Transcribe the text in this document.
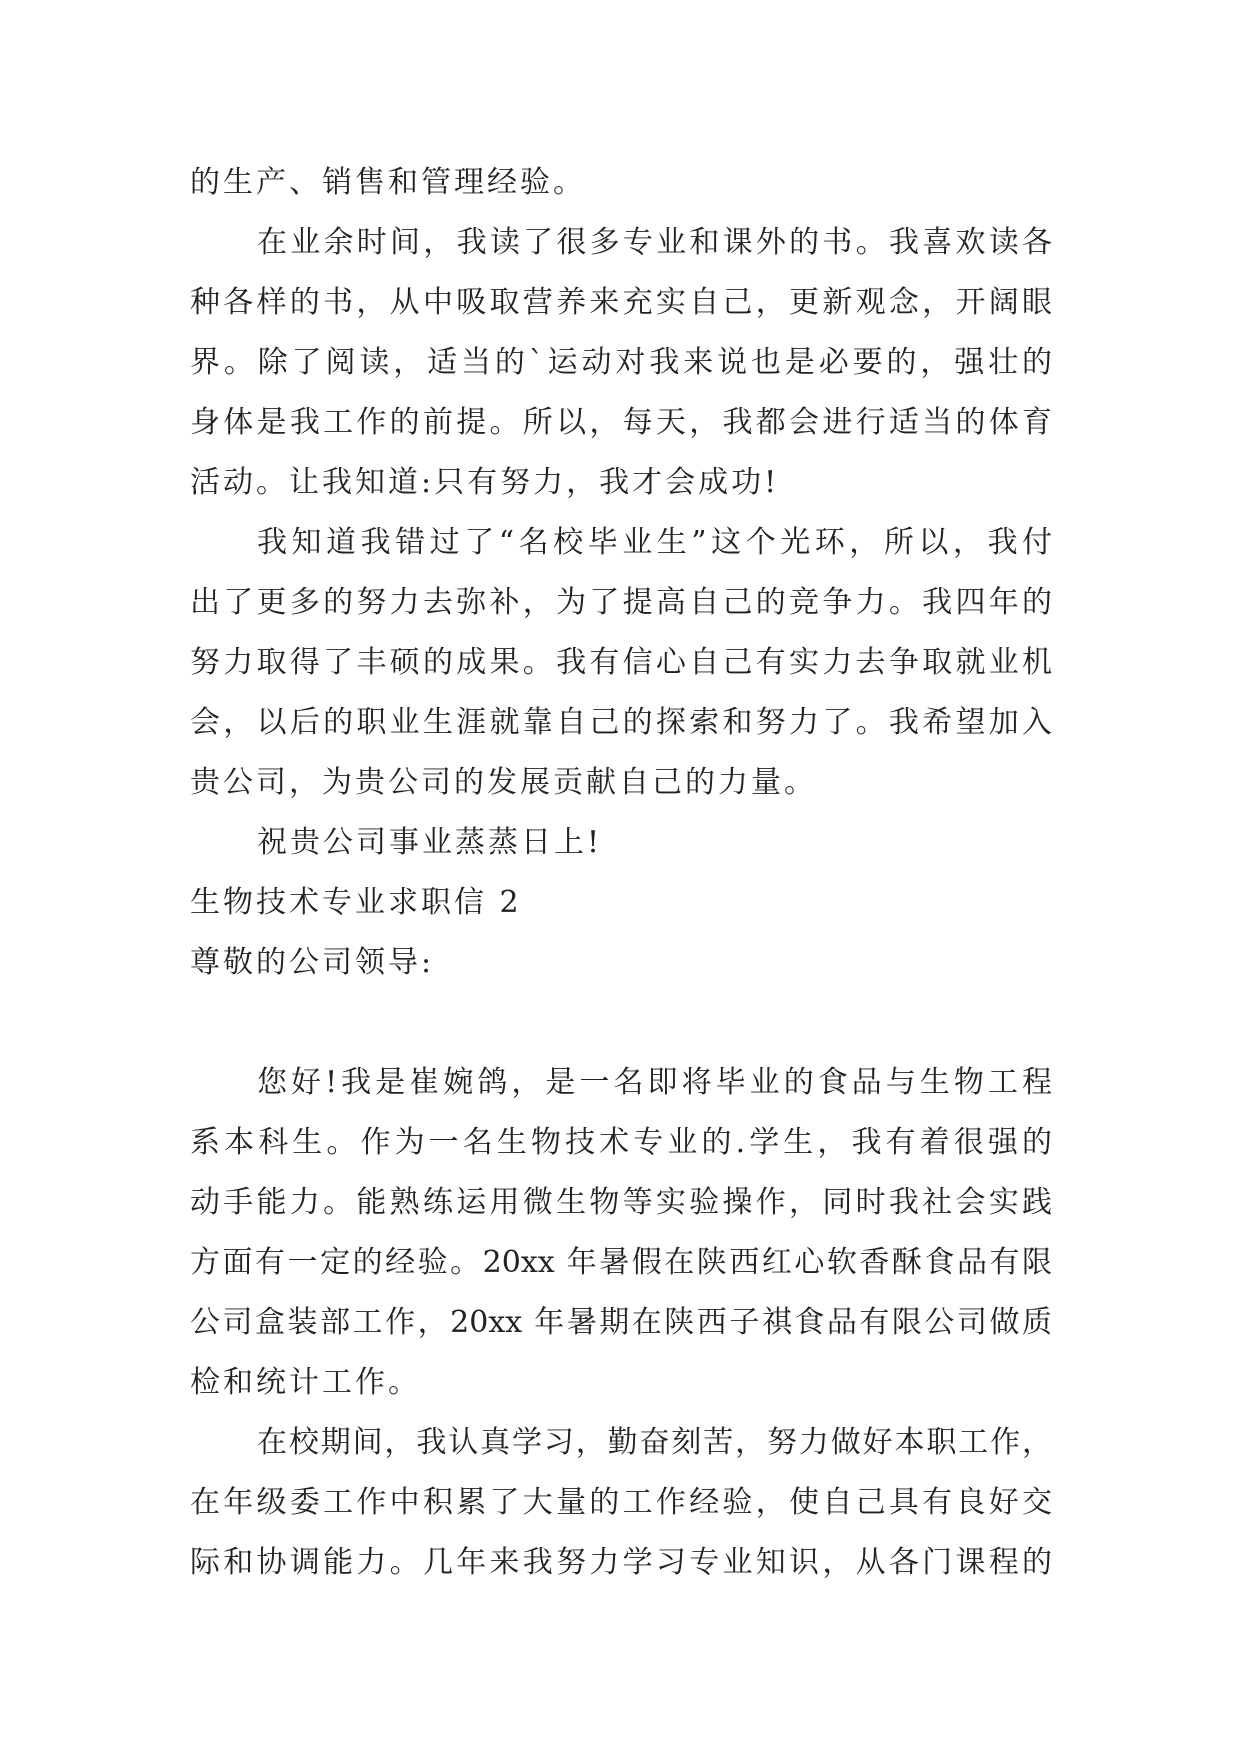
的生产、销售和管理经验。
在业余时间，我读了很多专业和课外的书。我喜欢读各
种各样的书，从中吸取营养来充实自己，更新观念，开阔眼
界。除了阅读，适当的`运动对我来说也是必要的，强壮的
身体是我工作的前提。所以，每天，我都会进行适当的体育
活动。让我知道:只有努力，我才会成功!
我知道我错过了“名校毕业生”这个光环，所以，我付
出了更多的努力去弥补，为了提高自己的竞争力。我四年的
努力取得了丰硕的成果。我有信心自己有实力去争取就业机
会，以后的职业生涯就靠自己的探索和努力了。我希望加入
贵公司，为贵公司的发展贡献自己的力量。
祝贵公司事业蒸蒸日上!
生物技术专业求职信 2
尊敬的公司领导:
您好!我是崔婉鸽，是一名即将毕业的食品与生物工程
系本科生。作为一名生物技术专业的.学生，我有着很强的
动手能力。能熟练运用微生物等实验操作，同时我社会实践
方面有一定的经验。20xx 年暑假在陕西红心软香酥食品有限
公司盒装部工作，20xx 年暑期在陕西子祺食品有限公司做质
检和统计工作。
在校期间，我认真学习，勤奋刻苦，努力做好本职工作，
在年级委工作中积累了大量的工作经验，使自己具有良好交
际和协调能力。几年来我努力学习专业知识，从各门课程的
